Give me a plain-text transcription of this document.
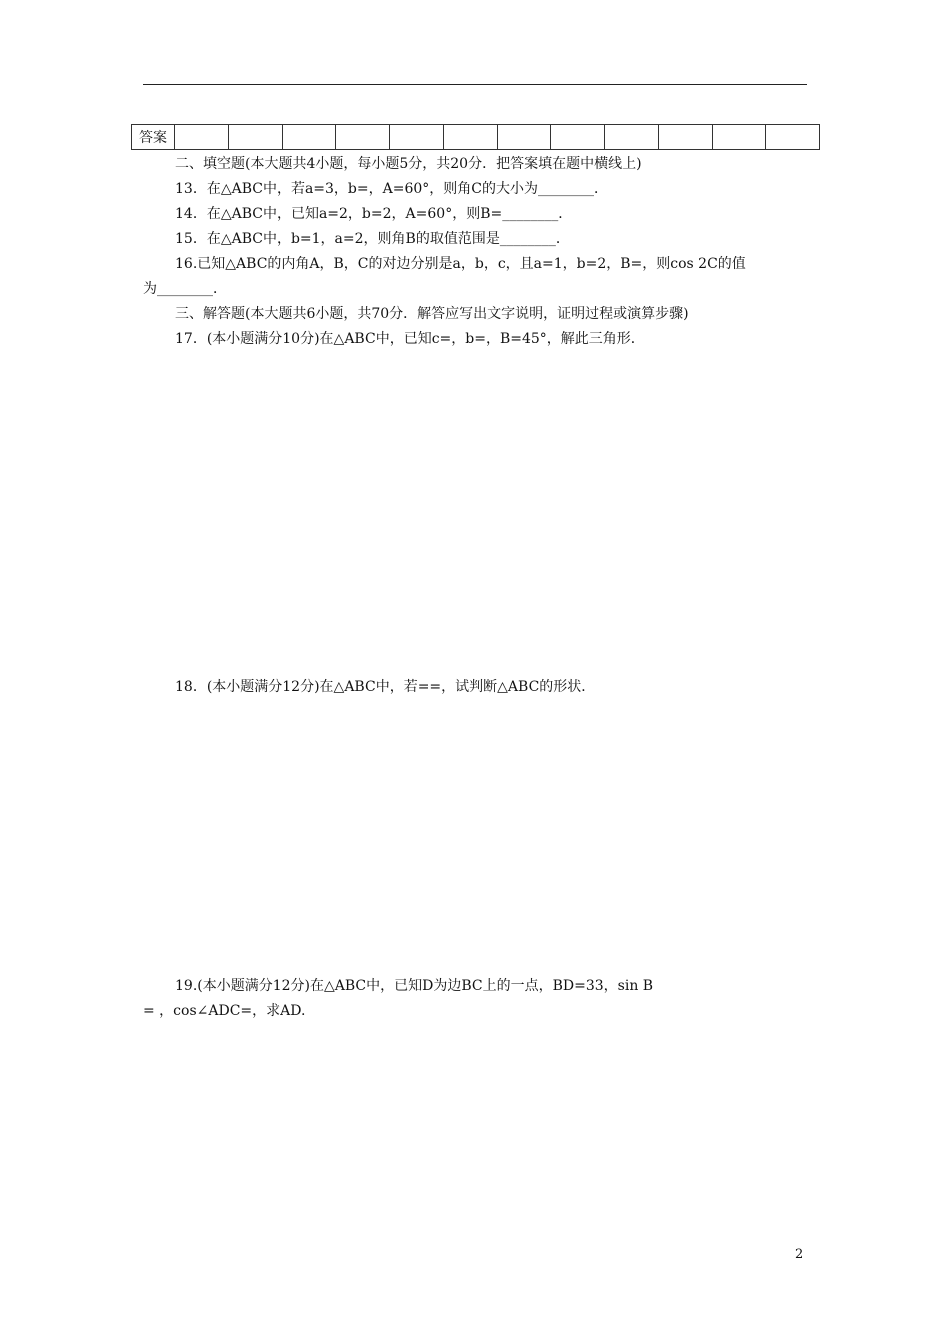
答案												
二、填空题(本大题共4小题，每小题5分，共20分．把答案填在题中横线上)
13．在△ABC中，若a=3，b=，A=60°，则角C的大小为________．
14．在△ABC中，已知a=2，b=2，A=60°，则B=________．
15．在△ABC中，b=1，a=2，则角B的取值范围是________．
16.已知△ABC的内角A，B，C的对边分别是a，b，c，且a=1，b=2，B=，则cos 2C的值
为________．
三、解答题(本大题共6小题，共70分．解答应写出文字说明，证明过程或演算步骤)
17．(本小题满分10分)在△ABC中，已知c=，b=，B=45°，解此三角形．
18．(本小题满分12分)在△ABC中，若==，试判断△ABC的形状．
19.(本小题满分12分)在△ABC中，已知D为边BC上的一点，BD=33，sin B
= ，cos∠ADC=，求AD.
2
